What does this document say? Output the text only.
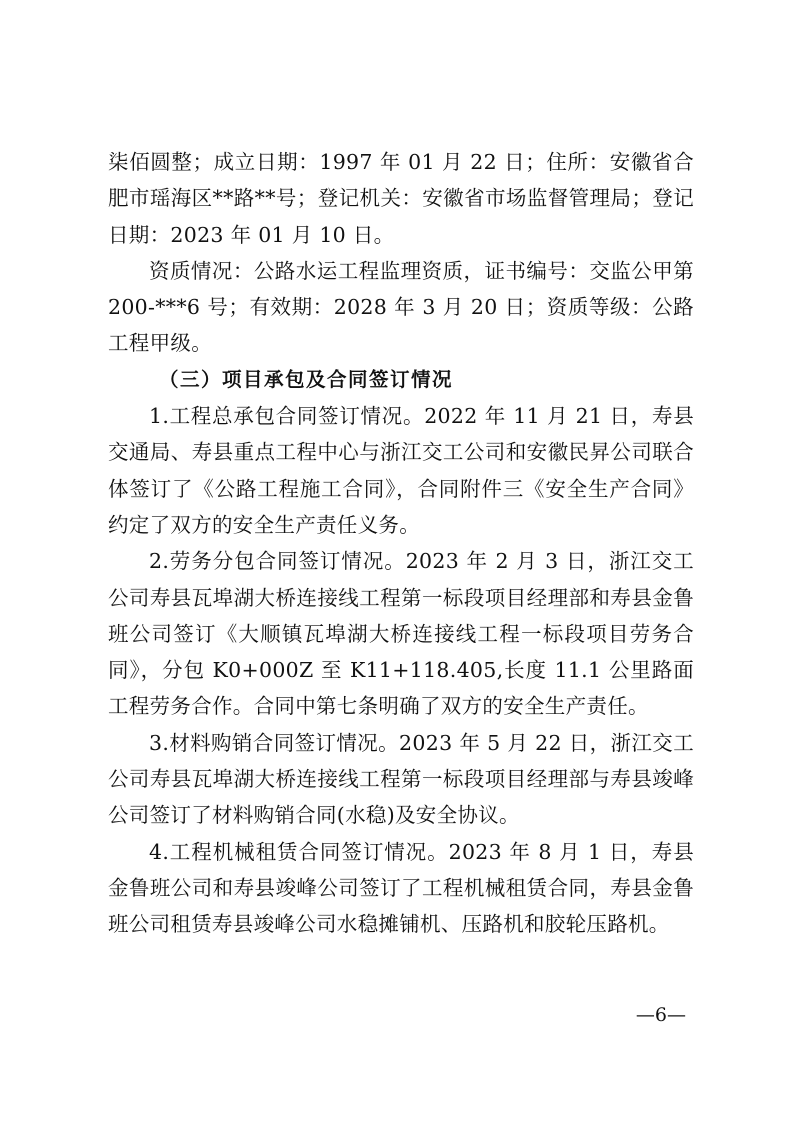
柒佰圆整；成立日期：1997 年 01 月 22 日；住所：安徽省合肥市瑶海区**路**号；登记机关：安徽省市场监督管理局；登记日期：2023 年 01 月 10 日。

资质情况：公路水运工程监理资质，证书编号：交监公甲第 200-***6 号；有效期：2028 年 3 月 20 日；资质等级：公路工程甲级。

（三）项目承包及合同签订情况

1.工程总承包合同签订情况。2022 年 11 月 21 日，寿县交通局、寿县重点工程中心与浙江交工公司和安徽民昇公司联合体签订了《公路工程施工合同》，合同附件三《安全生产合同》约定了双方的安全生产责任义务。

2.劳务分包合同签订情况。2023 年 2 月 3 日，浙江交工公司寿县瓦埠湖大桥连接线工程第一标段项目经理部和寿县金鲁班公司签订《大顺镇瓦埠湖大桥连接线工程一标段项目劳务合同》，分包 K0+000Z 至 K11+118.405,长度 11.1 公里路面工程劳务合作。合同中第七条明确了双方的安全生产责任。

3.材料购销合同签订情况。2023 年 5 月 22 日，浙江交工公司寿县瓦埠湖大桥连接线工程第一标段项目经理部与寿县竣峰公司签订了材料购销合同(水稳)及安全协议。

4.工程机械租赁合同签订情况。2023 年 8 月 1 日，寿县金鲁班公司和寿县竣峰公司签订了工程机械租赁合同，寿县金鲁班公司租赁寿县竣峰公司水稳摊铺机、压路机和胶轮压路机。

—6—
